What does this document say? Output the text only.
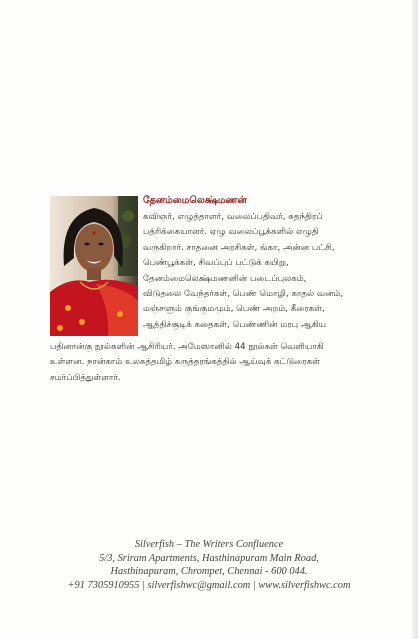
தேனம்மைலெக்ஷ்மணன்
கவிஞர், எழுத்தாளர், வலைப்பதிவர், சுதந்திரப்
பத்ரிக்கையாளர். ஏழு வலைப்பூக்களில் எழுதி
வருகிறார். சாதனை அரசிகள், ங்கா, அன்ன பட்சி,
பெண்பூக்கள், சிவப்புப் பட்டுக் கயிறு,
தேனம்மைலெக்ஷ்மணனின் படைப்புலகம்,
விடுதலை வேந்தர்கள், பெண் மொழி, காதல் வனம்,
மஞ்சளும் குங்குமமும், பெண் அறம், கீரைகள்,
ஆத்திச்சூடிக் கதைகள், பெண்ணின் மரபு ஆகிய
பதினான்கு நூல்களின் ஆசிரியர். அமேஸானில் 44 நூல்கள் வெளியாகி
உள்ளன. நான்காம் உலகத்தமிழ் கருத்தரங்கத்தில் ஆய்வுக் கட்டுரைகள்
சமர்ப்பித்துள்ளார்.
Silverfish – The Writers Confluence
5/3, Sriram Apartments, Hasthinapuram Main Road,
Hasthinapuram, Chrompet, Chennai - 600 044.
+91 7305910955 | silverfishwc@gmail.com | www.silverfishwc.com
